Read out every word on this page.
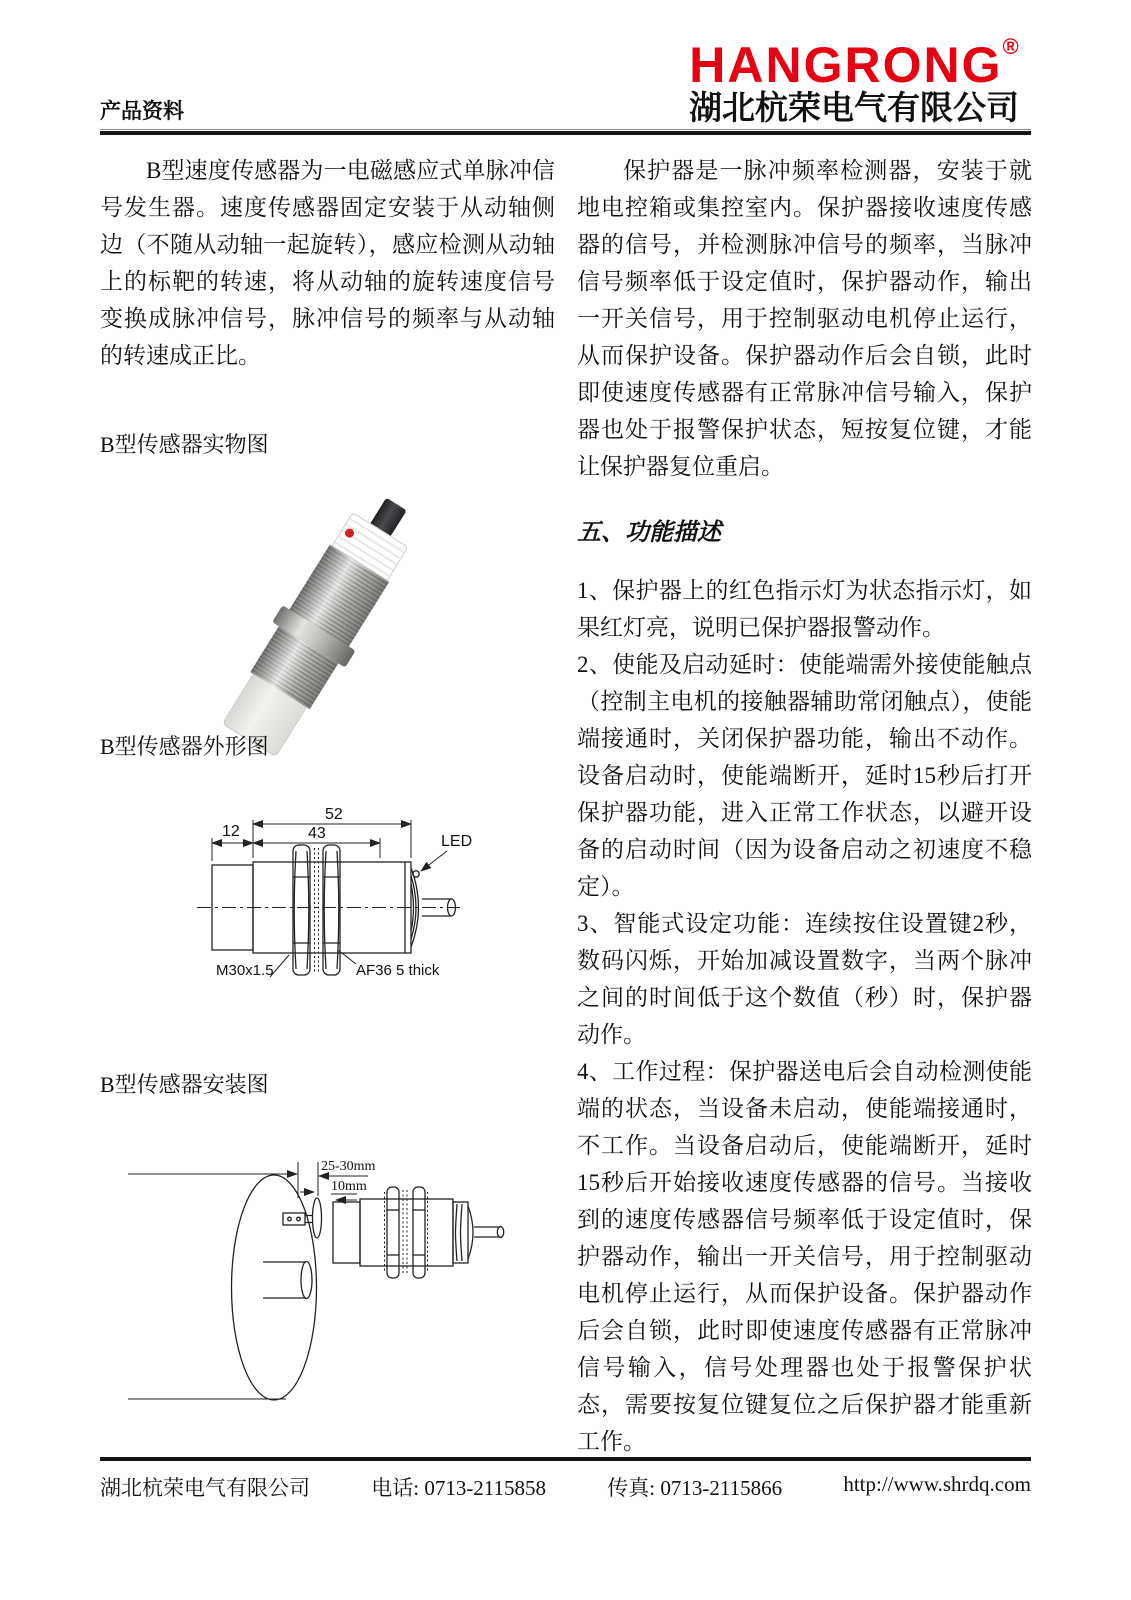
HANGRONG®
产品资料	湖北杭荣电气有限公司

B型速度传感器为一电磁感应式单脉冲信号发生器。速度传感器固定安装于从动轴侧边（不随从动轴一起旋转），感应检测从动轴上的标靶的转速，将从动轴的旋转速度信号变换成脉冲信号，脉冲信号的频率与从动轴的转速成正比。

B型传感器实物图
B型传感器外形图
52
43
12
LED
M30x1.5	AF36 5 thick
B型传感器安装图
25-30mm
10mm

保护器是一脉冲频率检测器，安装于就地电控箱或集控室内。保护器接收速度传感器的信号，并检测脉冲信号的频率，当脉冲信号频率低于设定值时，保护器动作，输出一开关信号，用于控制驱动电机停止运行，从而保护设备。保护器动作后会自锁，此时即使速度传感器有正常脉冲信号输入，保护器也处于报警保护状态，短按复位键，才能让保护器复位重启。

五、功能描述

1、保护器上的红色指示灯为状态指示灯，如果红灯亮，说明已保护器报警动作。

2、使能及启动延时：使能端需外接使能触点（控制主电机的接触器辅助常闭触点），使能端接通时，关闭保护器功能，输出不动作。设备启动时，使能端断开，延时15秒后打开保护器功能，进入正常工作状态，以避开设备的启动时间（因为设备启动之初速度不稳定）。

3、智能式设定功能：连续按住设置键2秒，数码闪烁，开始加减设置数字，当两个脉冲之间的时间低于这个数值（秒）时，保护器动作。

4、工作过程：保护器送电后会自动检测使能端的状态，当设备未启动，使能端接通时，不工作。当设备启动后，使能端断开，延时15秒后开始接收速度传感器的信号。当接收到的速度传感器信号频率低于设定值时，保护器动作，输出一开关信号，用于控制驱动电机停止运行，从而保护设备。保护器动作后会自锁，此时即使速度传感器有正常脉冲信号输入，信号处理器也处于报警保护状态，需要按复位键复位之后保护器才能重新工作。

湖北杭荣电气有限公司	电话: 0713-2115858	传真: 0713-2115866	http://www.shrdq.com
